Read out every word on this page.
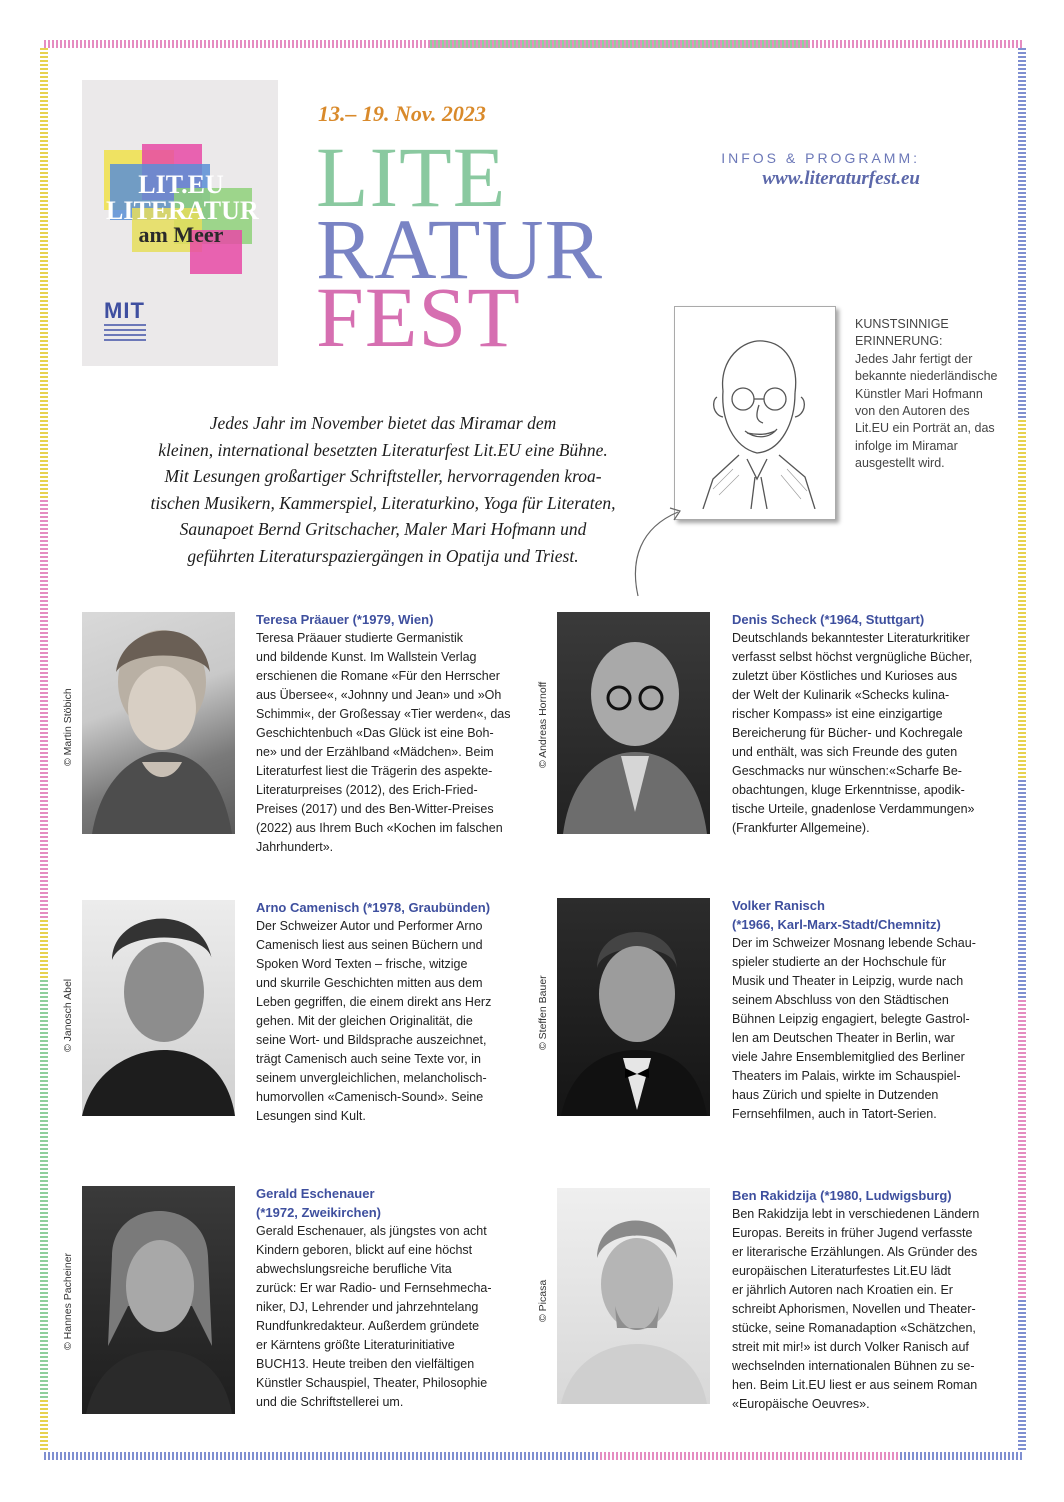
LIT.EU
LITERATUR
am Meer
MIT
13.– 19. Nov. 2023
LITE
RATUR
FEST
INFOS & PROGRAMM:
www.literaturfest.eu
KUNSTSINNIGE
ERINNERUNG:
Jedes Jahr fertigt der bekannte niederländische Künstler Mari Hofmann von den Autoren des Lit.EU ein Porträt an, das infolge im Miramar ausgestellt wird.
Jedes Jahr im November bietet das Miramar dem
kleinen, international besetzten Literaturfest Lit.EU eine Bühne.
Mit Lesungen großartiger Schriftsteller, hervorragenden kroa-
tischen Musikern, Kammerspiel, Literaturkino, Yoga für Literaten,
Saunapoet Bernd Gritschacher, Maler Mari Hofmann und
geführten Literaturspaziergängen in Opatija und Triest.
© Martin Stöbich
Teresa Präauer (*1979, Wien)
Teresa Präauer studierte Germanistik
und bildende Kunst. Im Wallstein Verlag
erschienen die Romane «Für den Herrscher
aus Übersee«, «Johnny und Jean» und »Oh
Schimmi«, der Großessay «Tier werden«, das
Geschichtenbuch «Das Glück ist eine Boh-
ne» und der Erzählband «Mädchen». Beim
Literaturfest liest die Trägerin des aspekte-
Literaturpreises (2012), des Erich-Fried-
Preises (2017) und des Ben-Witter-Preises
(2022) aus Ihrem Buch «Kochen im falschen
Jahrhundert».
© Andreas Hornoff
Denis Scheck (*1964, Stuttgart)
Deutschlands bekanntester Literaturkritiker
verfasst selbst höchst vergnügliche Bücher,
zuletzt über Köstliches und Kurioses aus
der Welt der Kulinarik «Schecks kulina-
rischer Kompass» ist eine einzigartige
Bereicherung für Bücher- und Kochregale
und enthält, was sich Freunde des guten
Geschmacks nur wünschen:«Scharfe Be-
obachtungen, kluge Erkenntnisse, apodik-
tische Urteile, gnadenlose Verdammungen»
(Frankfurter Allgemeine).
© Janosch Abel
Arno Camenisch (*1978, Graubünden)
Der Schweizer Autor und Performer Arno
Camenisch liest aus seinen Büchern und
Spoken Word Texten – frische, witzige
und skurrile Geschichten mitten aus dem
Leben gegriffen, die einem direkt ans Herz
gehen. Mit der gleichen Originalität, die
seine Wort- und Bildsprache auszeichnet,
trägt Camenisch auch seine Texte vor, in
seinem unvergleichlichen, melancholisch-
humorvollen «Camenisch-Sound». Seine
Lesungen sind Kult.
© Steffen Bauer
Volker Ranisch
(*1966, Karl-Marx-Stadt/Chemnitz)
Der im Schweizer Mosnang lebende Schau-
spieler studierte an der Hochschule für
Musik und Theater in Leipzig, wurde nach
seinem Abschluss von den Städtischen
Bühnen Leipzig engagiert, belegte Gastrol-
len am Deutschen Theater in Berlin, war
viele Jahre Ensemblemitglied des Berliner
Theaters im Palais, wirkte im Schauspiel-
haus Zürich und spielte in Dutzenden
Fernsehfilmen, auch in Tatort-Serien.
© Hannes Pacheiner
Gerald Eschenauer
(*1972, Zweikirchen)
Gerald Eschenauer, als jüngstes von acht
Kindern geboren, blickt auf eine höchst
abwechslungsreiche berufliche Vita
zurück: Er war Radio- und Fernsehmecha-
niker, DJ, Lehrender und jahrzehntelang
Rundfunkredakteur. Außerdem gründete
er Kärntens größte Literaturinitiative
BUCH13. Heute treiben den vielfältigen
Künstler Schauspiel, Theater, Philosophie
und die Schriftstellerei um.
© Picasa
Ben Rakidzija (*1980, Ludwigsburg)
Ben Rakidzija lebt in verschiedenen Ländern
Europas. Bereits in früher Jugend verfasste
er literarische Erzählungen. Als Gründer des
europäischen Literaturfestes Lit.EU lädt
er jährlich Autoren nach Kroatien ein. Er
schreibt Aphorismen, Novellen und Theater-
stücke, seine Romanadaption «Schätzchen,
streit mit mir!» ist durch Volker Ranisch auf
wechselnden internationalen Bühnen zu se-
hen. Beim Lit.EU liest er aus seinem Roman
«Europäische Oeuvres».
